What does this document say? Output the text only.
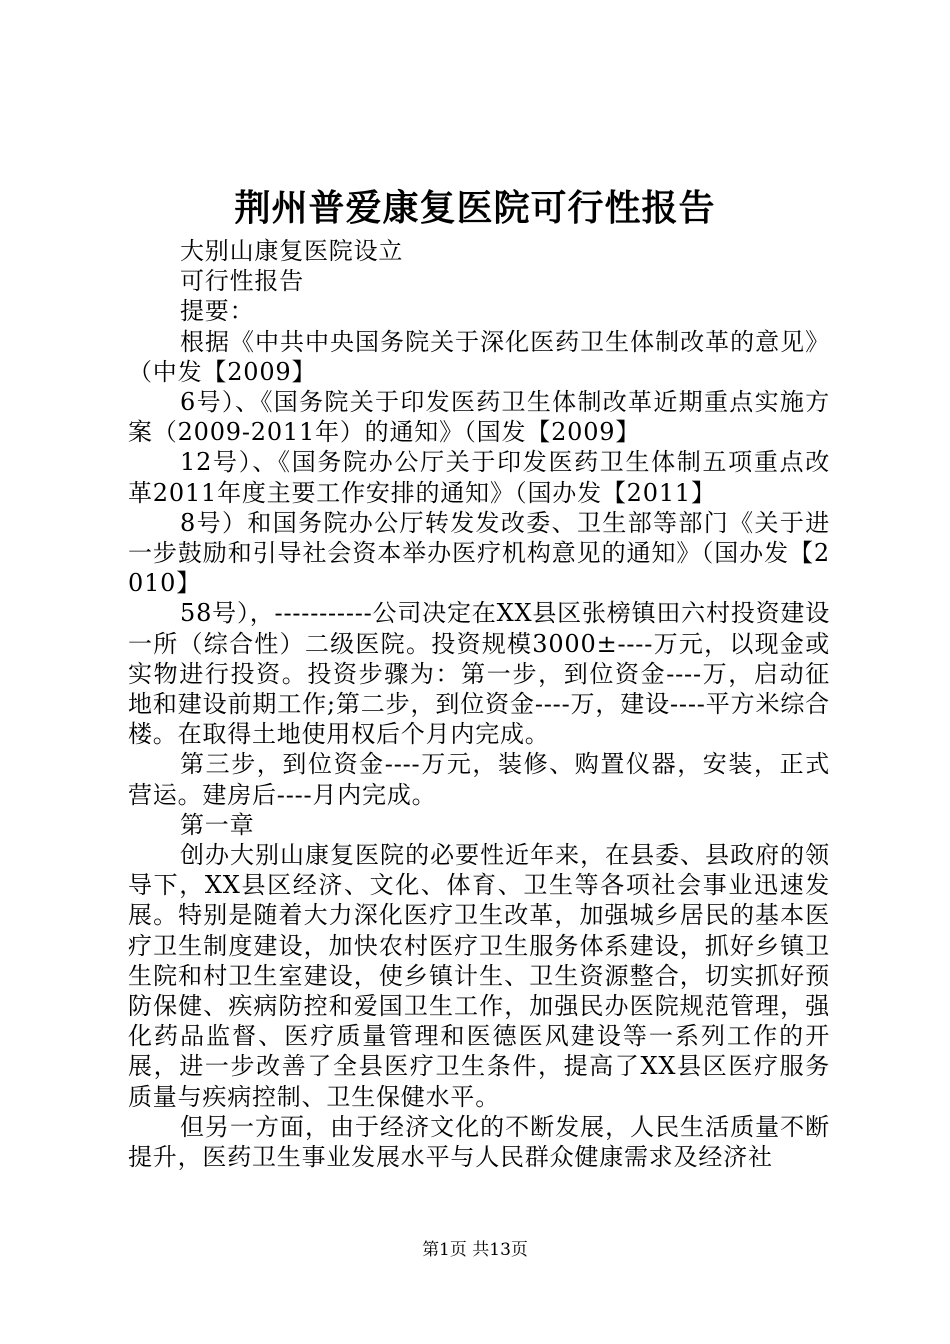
荆州普爱康复医院可行性报告

大别山康复医院设立

可行性报告

提要：

根据《中共中央国务院关于深化医药卫生体制改革的意见》（中发【2009】

6号）、《国务院关于印发医药卫生体制改革近期重点实施方案（2009-2011年）的通知》（国发【2009】

12号）、《国务院办公厅关于印发医药卫生体制五项重点改革2011年度主要工作安排的通知》（国办发【2011】

8号）和国务院办公厅转发发改委、卫生部等部门《关于进一步鼓励和引导社会资本举办医疗机构意见的通知》（国办发【2010】

58号），-----------公司决定在XX县区张榜镇田六村投资建设一所（综合性）二级医院。投资规模3000±----万元，以现金或实物进行投资。投资步骤为：第一步，到位资金----万，启动征地和建设前期工作;第二步，到位资金----万，建设----平方米综合楼。在取得土地使用权后个月内完成。

第三步，到位资金----万元，装修、购置仪器，安装，正式营运。建房后----月内完成。

第一章

创办大别山康复医院的必要性近年来，在县委、县政府的领导下，XX县区经济、文化、体育、卫生等各项社会事业迅速发展。特别是随着大力深化医疗卫生改革，加强城乡居民的基本医疗卫生制度建设，加快农村医疗卫生服务体系建设，抓好乡镇卫生院和村卫生室建设，使乡镇计生、卫生资源整合，切实抓好预防保健、疾病防控和爱国卫生工作，加强民办医院规范管理，强化药品监督、医疗质量管理和医德医风建设等一系列工作的开展，进一步改善了全县医疗卫生条件，提高了XX县区医疗服务质量与疾病控制、卫生保健水平。

但另一方面，由于经济文化的不断发展，人民生活质量不断提升，医药卫生事业发展水平与人民群众健康需求及经济社

第1页 共13页
